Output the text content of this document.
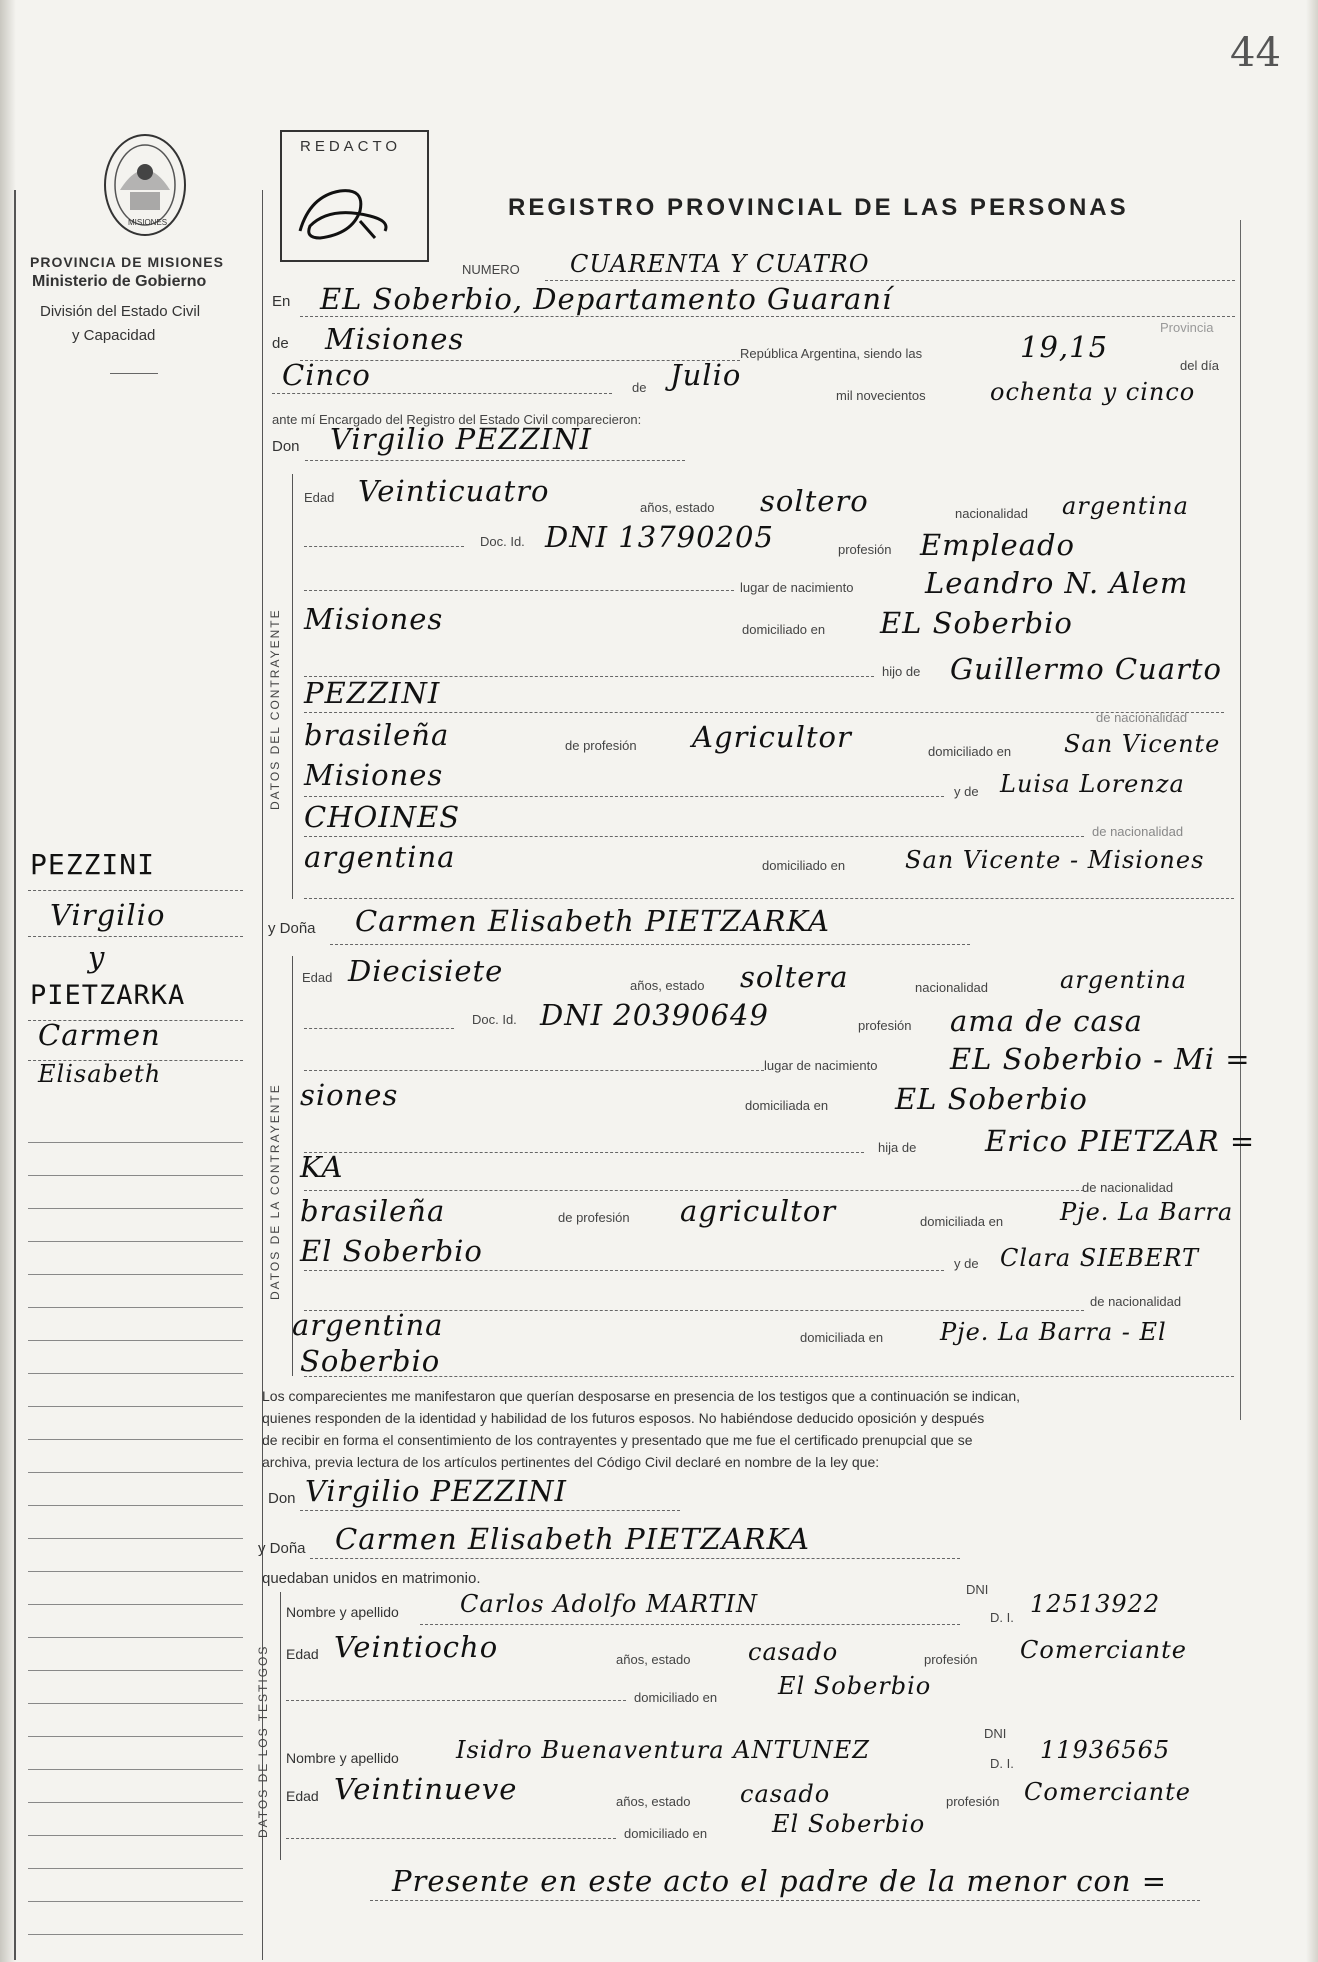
44
MISIONES
PROVINCIA DE MISIONES
Ministerio de Gobierno
División del Estado Civil
y Capacidad
REDACTO
REGISTRO PROVINCIAL DE LAS PERSONAS
NUMERO CUARENTA Y CUATRO
En EL Soberbio, Departamento Guaraní
Provincia
de Misiones	República Argentina, siendo las	19,15
del día
Cinco	de Julio
mil novecientos	ochenta y cinco
ante mí Encargado del Registro del Estado Civil comparecieron:
Don Virgilio PEZZINI
DATOS DEL CONTRAYENTE
Edad Veinticuatro	años, estado soltero	nacionalidad argentina
Doc. Id. DNI 13790205	profesión Empleado
lugar de nacimiento Leandro N. Alem
Misiones	domiciliado en EL Soberbio
hijo de Guillermo Cuarto
PEZZINI
de nacionalidad
brasileña	de profesión Agricultor	domiciliado en San Vicente
Misiones	y de Luisa Lorenza
CHOINES	de nacionalidad
argentina	domiciliado en San Vicente - Misiones
PEZZINI
Virgilio
y
PIETZARKA
Carmen
Elisabeth
y Doña Carmen Elisabeth PIETZARKA
DATOS DE LA CONTRAYENTE
Edad Diecisiete	años, estado soltera	nacionalidad	argentina
Doc. Id. DNI 20390649	profesión ama de casa
lugar de nacimiento	EL Soberbio - Mi =
siones	domiciliada en EL Soberbio
hija de Erico PIETZAR =
KA
de nacionalidad
brasileña	de profesión agricultor	domiciliada en Pje. La Barra
El Soberbio	y de Clara SIEBERT
de nacionalidad
argentina	domiciliada en Pje. La Barra - El
Soberbio
Los comparecientes me manifestaron que querían desposarse en presencia de los testigos que a continuación se indican,
quienes responden de la identidad y habilidad de los futuros esposos. No habiéndose deducido oposición y después
de recibir en forma el consentimiento de los contrayentes y presentado que me fue el certificado prenupcial que se
archiva, previa lectura de los artículos pertinentes del Código Civil declaré en nombre de la ley que:
Don Virgilio PEZZINI
y Doña Carmen Elisabeth PIETZARKA
quedaban unidos en matrimonio.
DATOS DE LOS TESTIGOS
Nombre y apellido	Carlos Adolfo MARTIN
DNI
D. I. 12513922
Edad Veintiocho	años, estado casado	profesión Comerciante
domiciliado en	El Soberbio
Nombre y apellido Isidro Buenaventura ANTUNEZ
DNI
D. I. 11936565
Edad Veintinueve	años, estado casado	profesión Comerciante
domiciliado en	El Soberbio
Presente en este acto el padre de la menor con =
